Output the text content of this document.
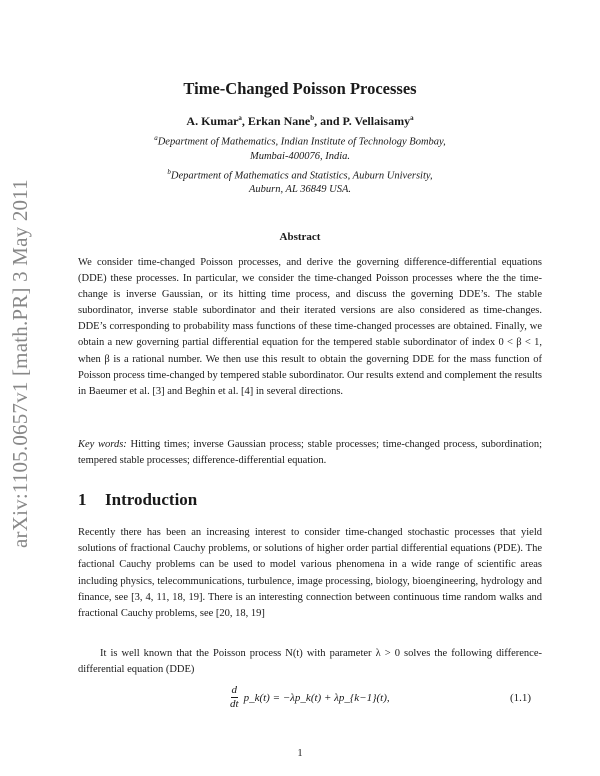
arXiv:1105.0657v1 [math.PR] 3 May 2011
Time-Changed Poisson Processes
A. Kumar$^a$, Erkan Nane$^b$, and P. Vellaisamy$^a$
$^a$Department of Mathematics, Indian Institute of Technology Bombay,
Mumbai-400076, India.
$^b$Department of Mathematics and Statistics, Auburn University,
Auburn, AL 36849 USA.
Abstract

We consider time-changed Poisson processes, and derive the governing difference-differential equations (DDE) these processes. In particular, we consider the time-changed Poisson processes where the the time-change is inverse Gaussian, or its hitting time process, and discuss the governing DDE’s. The stable subordinator, inverse stable subordinator and their iterated versions are also considered as time-changes. DDE’s corresponding to probability mass functions of these time-changed processes are obtained. Finally, we obtain a new governing partial differential equation for the tempered stable subordinator of index 0 < β < 1, when β is a rational number. We then use this result to obtain the governing DDE for the mass function of Poisson process time-changed by tempered stable subordinator. Our results extend and complement the results in Baeumer et al. [3] and Beghin et al. [4] in several directions.

Key words: Hitting times; inverse Gaussian process; stable processes; time-changed process, subordination; tempered stable processes; difference-differential equation.

1 Introduction

Recently there has been an increasing interest to consider time-changed stochastic processes that yield solutions of fractional Cauchy problems, or solutions of higher order partial differential equations (PDE). The factional Cauchy problems can be used to model various phenomena in a wide range of scientific areas including physics, telecommunications, turbulence, image processing, biology, bioengineering, hydrology and finance, see [3, 4, 11, 18, 19]. There is an interesting connection between continuous time random walks and fractional Cauchy problems, see [20, 18, 19]

It is well known that the Poisson process N(t) with parameter λ > 0 solves the following difference-differential equation (DDE)

$\frac{d}{dt}$ p_k(t) = −λp_k(t) + λp_{k−1}(t),	(1.1)
1
